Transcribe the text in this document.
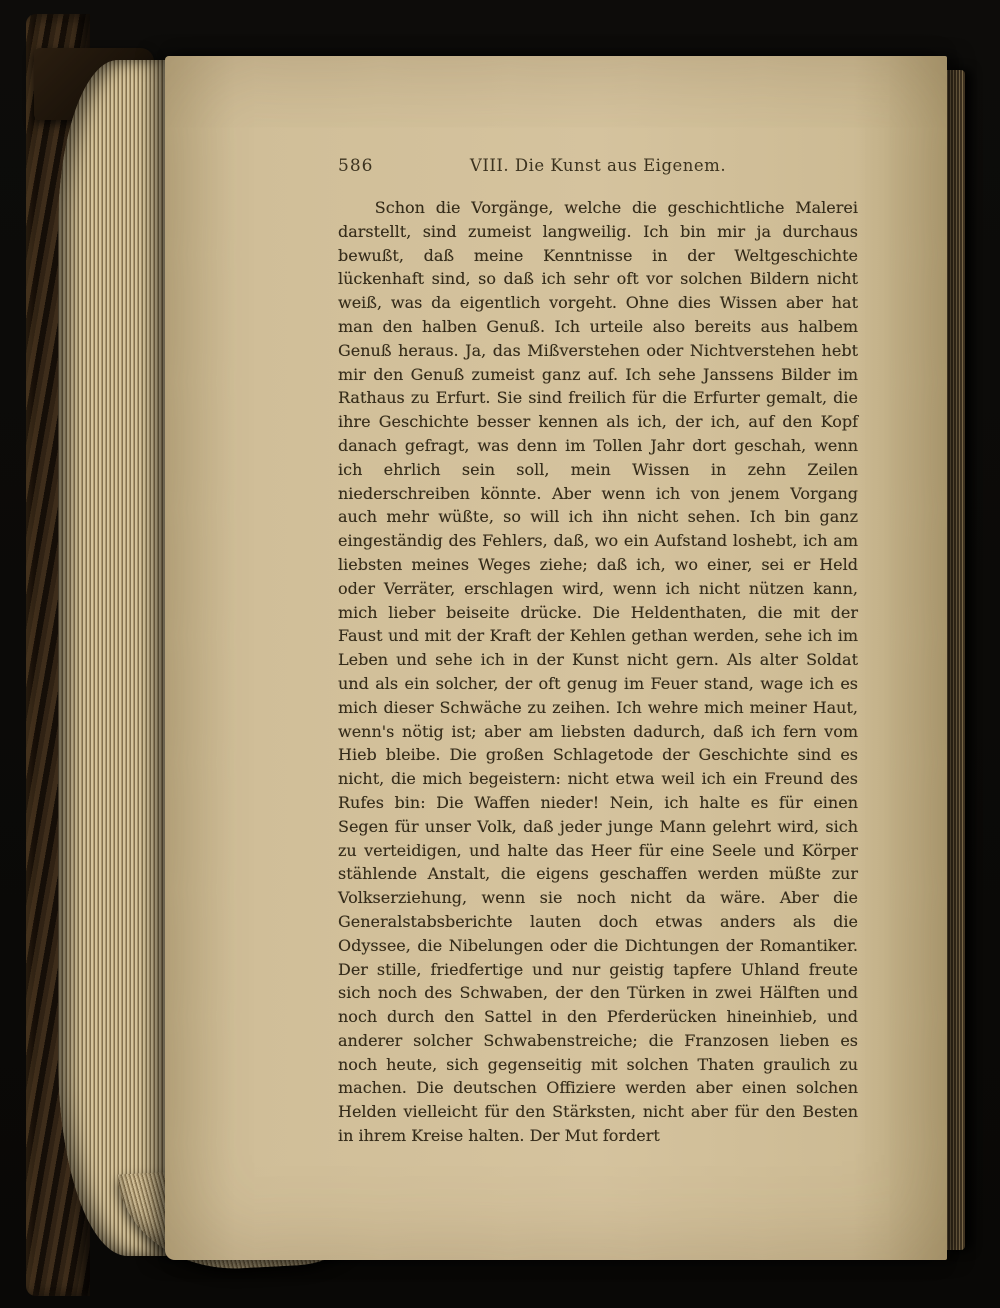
586	VIII. Die Kunst aus Eigenem.

Schon die Vorgänge, welche die geschichtliche Malerei darstellt, sind zumeist langweilig. Ich bin mir ja durchaus bewußt, daß meine Kenntnisse in der Weltgeschichte lückenhaft sind, so daß ich sehr oft vor solchen Bildern nicht weiß, was da eigentlich vorgeht. Ohne dies Wissen aber hat man den halben Genuß. Ich urteile also bereits aus halbem Genuß heraus. Ja, das Mißverstehen oder Nichtverstehen hebt mir den Genuß zumeist ganz auf. Ich sehe Janssens Bilder im Rathaus zu Erfurt. Sie sind freilich für die Erfurter gemalt, die ihre Geschichte besser kennen als ich, der ich, auf den Kopf danach gefragt, was denn im Tollen Jahr dort geschah, wenn ich ehrlich sein soll, mein Wissen in zehn Zeilen niederschreiben könnte. Aber wenn ich von jenem Vorgang auch mehr wüßte, so will ich ihn nicht sehen. Ich bin ganz eingeständig des Fehlers, daß, wo ein Aufstand loshebt, ich am liebsten meines Weges ziehe; daß ich, wo einer, sei er Held oder Verräter, erschlagen wird, wenn ich nicht nützen kann, mich lieber beiseite drücke. Die Heldenthaten, die mit der Faust und mit der Kraft der Kehlen gethan werden, sehe ich im Leben und sehe ich in der Kunst nicht gern. Als alter Soldat und als ein solcher, der oft genug im Feuer stand, wage ich es mich dieser Schwäche zu zeihen. Ich wehre mich meiner Haut, wenn's nötig ist; aber am liebsten dadurch, daß ich fern vom Hieb bleibe. Die großen Schlagetode der Geschichte sind es nicht, die mich begeistern: nicht etwa weil ich ein Freund des Rufes bin: Die Waffen nieder! Nein, ich halte es für einen Segen für unser Volk, daß jeder junge Mann gelehrt wird, sich zu verteidigen, und halte das Heer für eine Seele und Körper stählende Anstalt, die eigens geschaffen werden müßte zur Volkserziehung, wenn sie noch nicht da wäre. Aber die Generalstabsberichte lauten doch etwas anders als die Odyssee, die Nibelungen oder die Dichtungen der Romantiker. Der stille, friedfertige und nur geistig tapfere Uhland freute sich noch des Schwaben, der den Türken in zwei Hälften und noch durch den Sattel in den Pferderücken hineinhieb, und anderer solcher Schwabenstreiche; die Franzosen lieben es noch heute, sich gegenseitig mit solchen Thaten graulich zu machen. Die deutschen Offiziere werden aber einen solchen Helden vielleicht für den Stärksten, nicht aber für den Besten in ihrem Kreise halten. Der Mut fordert
